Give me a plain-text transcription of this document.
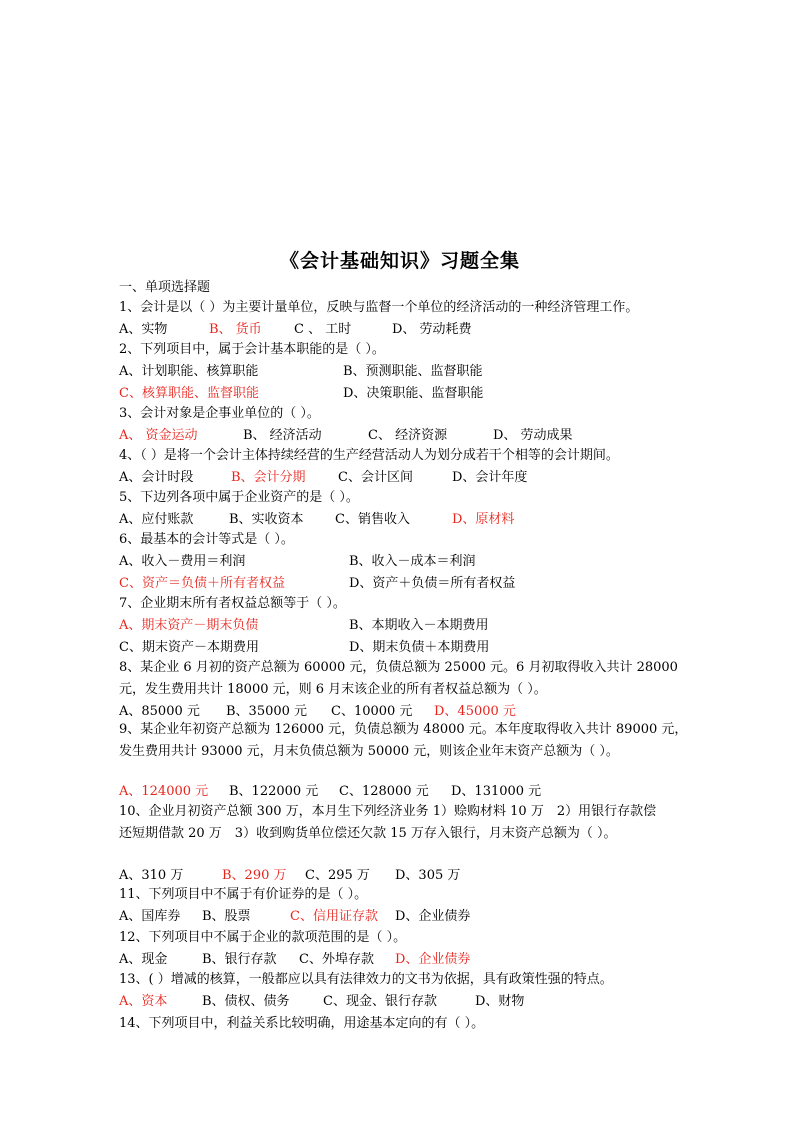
《会计基础知识》习题全集
一、单项选择题
1、会计是以（ ）为主要计量单位，反映与监督一个单位的经济活动的一种经济管理工作。
A、实物	B、 货币 C 、 工时	D、 劳动耗费
2、下列项目中，属于会计基本职能的是（ ）。
A、计划职能、核算职能	B、预测职能、监督职能
C、核算职能、监督职能	D、决策职能、监督职能
3、会计对象是企事业单位的（ ）。
A、 资金运动	B、 经济活动	C、 经济资源	D、 劳动成果
4、（ ）是将一个会计主体持续经营的生产经营活动人为划分成若干个相等的会计期间。
A、会计时段	B、会计分期 C、会计区间	D、会计年度
5、下边列各项中属于企业资产的是（ ）。
A、应付账款	B、实收资本 C、销售收入	D、原材料
6、最基本的会计等式是（ ）。
A、收入－费用＝利润	B、收入－成本＝利润
C、资产＝负债＋所有者权益	D、资产＋负债＝所有者权益
7、企业期末所有者权益总额等于（ ）。
A、期末资产－期末负债	B、本期收入－本期费用
C、期末资产－本期费用	D、期末负债＋本期费用
8、某企业 6 月初的资产总额为 60000 元，负债总额为 25000 元。6 月初取得收入共计 28000
元，发生费用共计 18000 元，则 6 月末该企业的所有者权益总额为（ ）。
A、85000 元 B、35000 元 C、10000 元 D、45000 元
9、某企业年初资产总额为 126000 元，负债总额为 48000 元。本年度取得收入共计 89000 元，
发生费用共计 93000 元，月末负债总额为 50000 元，则该企业年末资产总额为（ ）。
A、124000 元 B、122000 元 C、128000 元 D、131000 元
10、企业月初资产总额 300 万，本月生下列经济业务 1）赊购材料 10 万　2）用银行存款偿
还短期借款 20 万　3）收到购货单位偿还欠款 15 万存入银行，月末资产总额为（ ）。
A、310 万	B、290 万 C、295 万 D、305 万
11、下列项目中不属于有价证券的是（ ）。
A、国库券 B、股票	C、信用证存款 D、企业债券
12、下列项目中不属于企业的款项范围的是（ ）。
A、现金	B、银行存款 C、外埠存款 D、企业债券
13、( ）增减的核算，一般都应以具有法律效力的文书为依据，具有政策性强的特点。
A、资本	B、债权、债务	C、现金、银行存款	D、财物
14、下列项目中，利益关系比较明确，用途基本定向的有（ ）。
